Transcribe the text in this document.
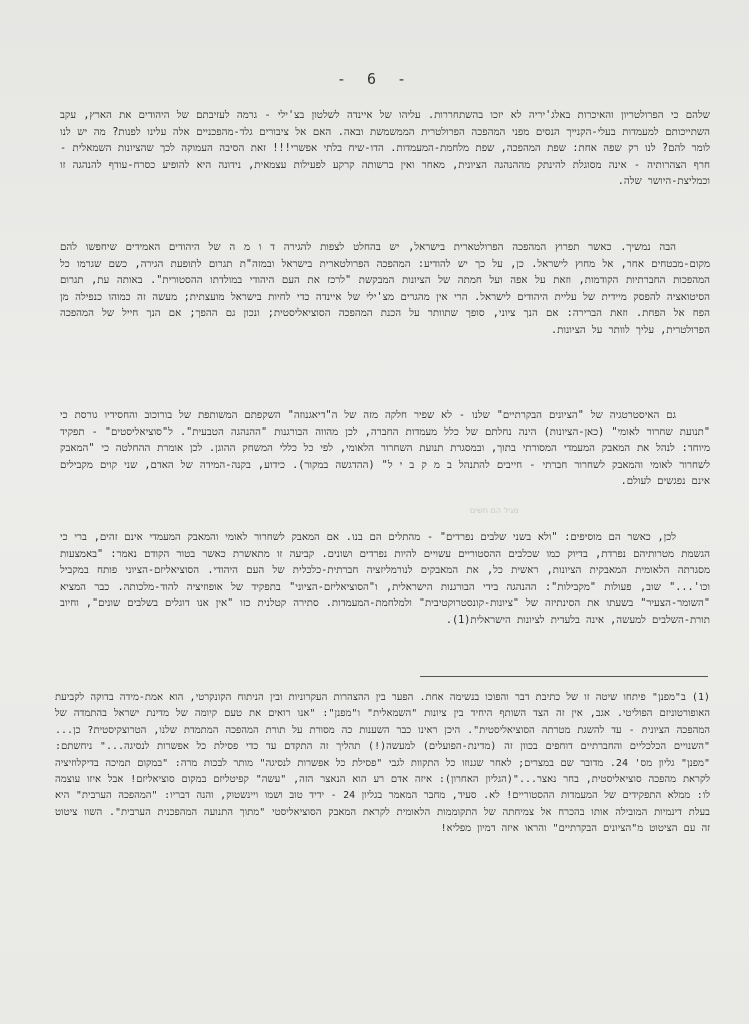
- 6 -

שלהם כי הפרולטריון והאיכרות באלג'יריה לא יזכו בהשתחררות. עליהו של איינדה לשלטון בצ'ילי - גרמה לעזיבתם של היהודים את הארץ, עקב השתייכותם למעמדות בעלי-הקנייך הנסים מפני המהפכה הפרולטרית הממשמשת ובאה. האם אל ציבורים גלד-מהפכניים אלה עלינו לפנות? מה יש לנו לומר להם? לנו רק שפה אחת: שפת המהפכה, שפת מלחמת-המעמדות. הדו-שיח בלתי אפשרי!!! זאת הסיבה העמוקה לכך שהציונות השמאלית - חרף הצהרותיה - אינה מסוגלת להינתק מההנהגה הציונית, מאחר ואין ברשותה קרקע לפעילות עצמאית, נידונה היא להופיע כסרח-עודף להנהגה זו וכמליצת-היושר שלה.

הבה נמשיך. כאשר תפרוץ המהפכה הפרולטארית בישראל, יש בהחלט לצפות להגירה ד ו מ ה של היהודים האמידים שיחפשו להם מקום-מבטחים אחר, אל מחוץ לישראל. כן, על כך יש להודיע: המהפכה הפרולטארית בישראל ובמזה"ת תגרום לתופעת הגירה, כשם שגרמו כל המהפכות החברתיות הקודמות, וזאת על אפה ועל חמתה של הציונות המבקשת "לרכז את העם היהודי במולדתו ההסטורית". באותה עת, תגרום הסיטואציה להפסק מיידית של עליית היהודים לישראל. הרי אין מהגרים מצ'ילי של איינדה כדי לחיות בישראל מועצתית; מעשה זה כמוהו כנפילה מן הפח אל הפחת. וזאת הברירה: אם הנך ציוני, סופך שתוותר על הכנת המהפכה הסוציאליסטית; ונכון גם ההפך; אם הנך חייל של המהפכה הפרולטרית, עליך לוותר על הציונות.

גם האיסטרטגיה של "הציונים הבקרתיים" שלנו - לא שפיר חלקה מזה של ה"דיאגנוזה" השקפתם המשותפת של בורוכוב והחסידיו גורסת כי "תנועת שחרור לאומי" (כאן-הציונות) הינה נחלתם של כלל מעמדות החברה, לכן מהווה הבורגנות "ההנהגה הטבעית". ל"סוציאליסטים" - תפקיד מיוחד: לנהל את המאבק המעמדי המסורתי בתוך, ובמסגרת תנועת השחרור הלאומי, לפי כל כללי המשחק ההוגן. לכן אומרת ההחלטה כי "המאבק לשחרור לאומי והמאבק לשחרור חברתי - חייבים להתנהל ב מ ק ב י ל" (ההדגשה במקור). כידוע, בקנה-המידה של האדם, שני קוים מקבילים אינם נפגשים לעולם.

מגיל הם חשים

לכן, כאשר הם מוסיפים: "ולא בשני שלבים נפרדים" - מהתלים הם בנו. אם המאבק לשחרור לאומי והמאבק המעמדי אינם זהים, ברי כי הגשמת מטרותיהם נפרדת, בדיוק כמו שכלבים ההסטוריים עשויים להיות נפרדים ושונים. קביעה זו מתאשרת כאשר בטור הקודם נאמר: "באמצעות מסגרתה הלאומית המאבקית הציונות, ראשית כל, את המאבקים לנורמליזציה חברתית-כלכלית של העם היהודי. הסוציאליזם-הציוני פותח במקביל וכו'..." שוב, פעולות "מקבילות": ההנהגה בידי הבורגנות הישראלית, ו"הסוציאליזם-הציוני" בתפקיד של אופוזיציה להוד-מלכותה. כבר המציא "השומר-הצעיר" בשעתו את הסינתיזה של "ציונות-קונסטרוקטיבית" ולמלחמת-המעמדות. סתירה קטלנית כזו "אין אנו דוגלים בשלבים שונים", וחיוב תורת-השלבים למעשה, אינה בלעדית לציונות הישראלית(1).

(1) ב"מפנן" פיתחו שיטה זו של כתיבת דבר והפוכו בנשימה אחת. הפער בין ההצהרות העקרוניות ובין הניתוח הקונקרטי, הוא אמת-מידה בדוקה לקביעת האופורטוניזם הפוליטי. אגב, אין זה הצד השותף היחיד בין ציונות "השמאלית" ו"מפנן": "אנו רואים את טעם קיומה של מדינת ישראל בהתמדה של המהפכה הציונית - עד להשגת מטרתה הסוציאליסטית". היכן ראינו כבר השענות כה מסורת על תורת המהפכה המתמדת שלנו, הטרוצקיסטית? כן... "השנויים הכלכליים והחברתיים דוחפים בכוון זה (מדינת-הפועלים) למעשה(!) תהליך זה התקדם עד כדי פסילת כל אפשרות לנסיגה..." ניחשתם: "מפנן" גליון מס' 24. מדובר שם במצרים; לאחר שגנוזו כל התקוות לגבי "פסילת כל אפשרות לנסיגה" מותר לבכות מרה: "במקום תמיכה בדיקלוזיציה לקראת מהפכה סוציאליסטית, בחר נאצר..."(הגליון האחרון): איזה אדם רע הוא הנאצר הזה, "עשה" קפיטליזם במקום סוציאליזם! אבל איזו עוצמה לו: ממלא התפקידים של המעמדות ההסטוריים! לא. סעיד, מחבר המאמר בגליון 24 - ידיד טוב ושמו ויינשטוק, והנה דבריו: "המהפכה הערבית" היא בעלת דינמיות המובילה אותו בהכרח אל צמיחתה של התקוממות הלאומית לקראת המאבק הסוציאליסטי "מתוך התנועה המהפכנית הערבית". השוו ציטוט זה עם הציטוט מ"הציונים הבקרתיים" והראו איזה דמיון מפליא!
